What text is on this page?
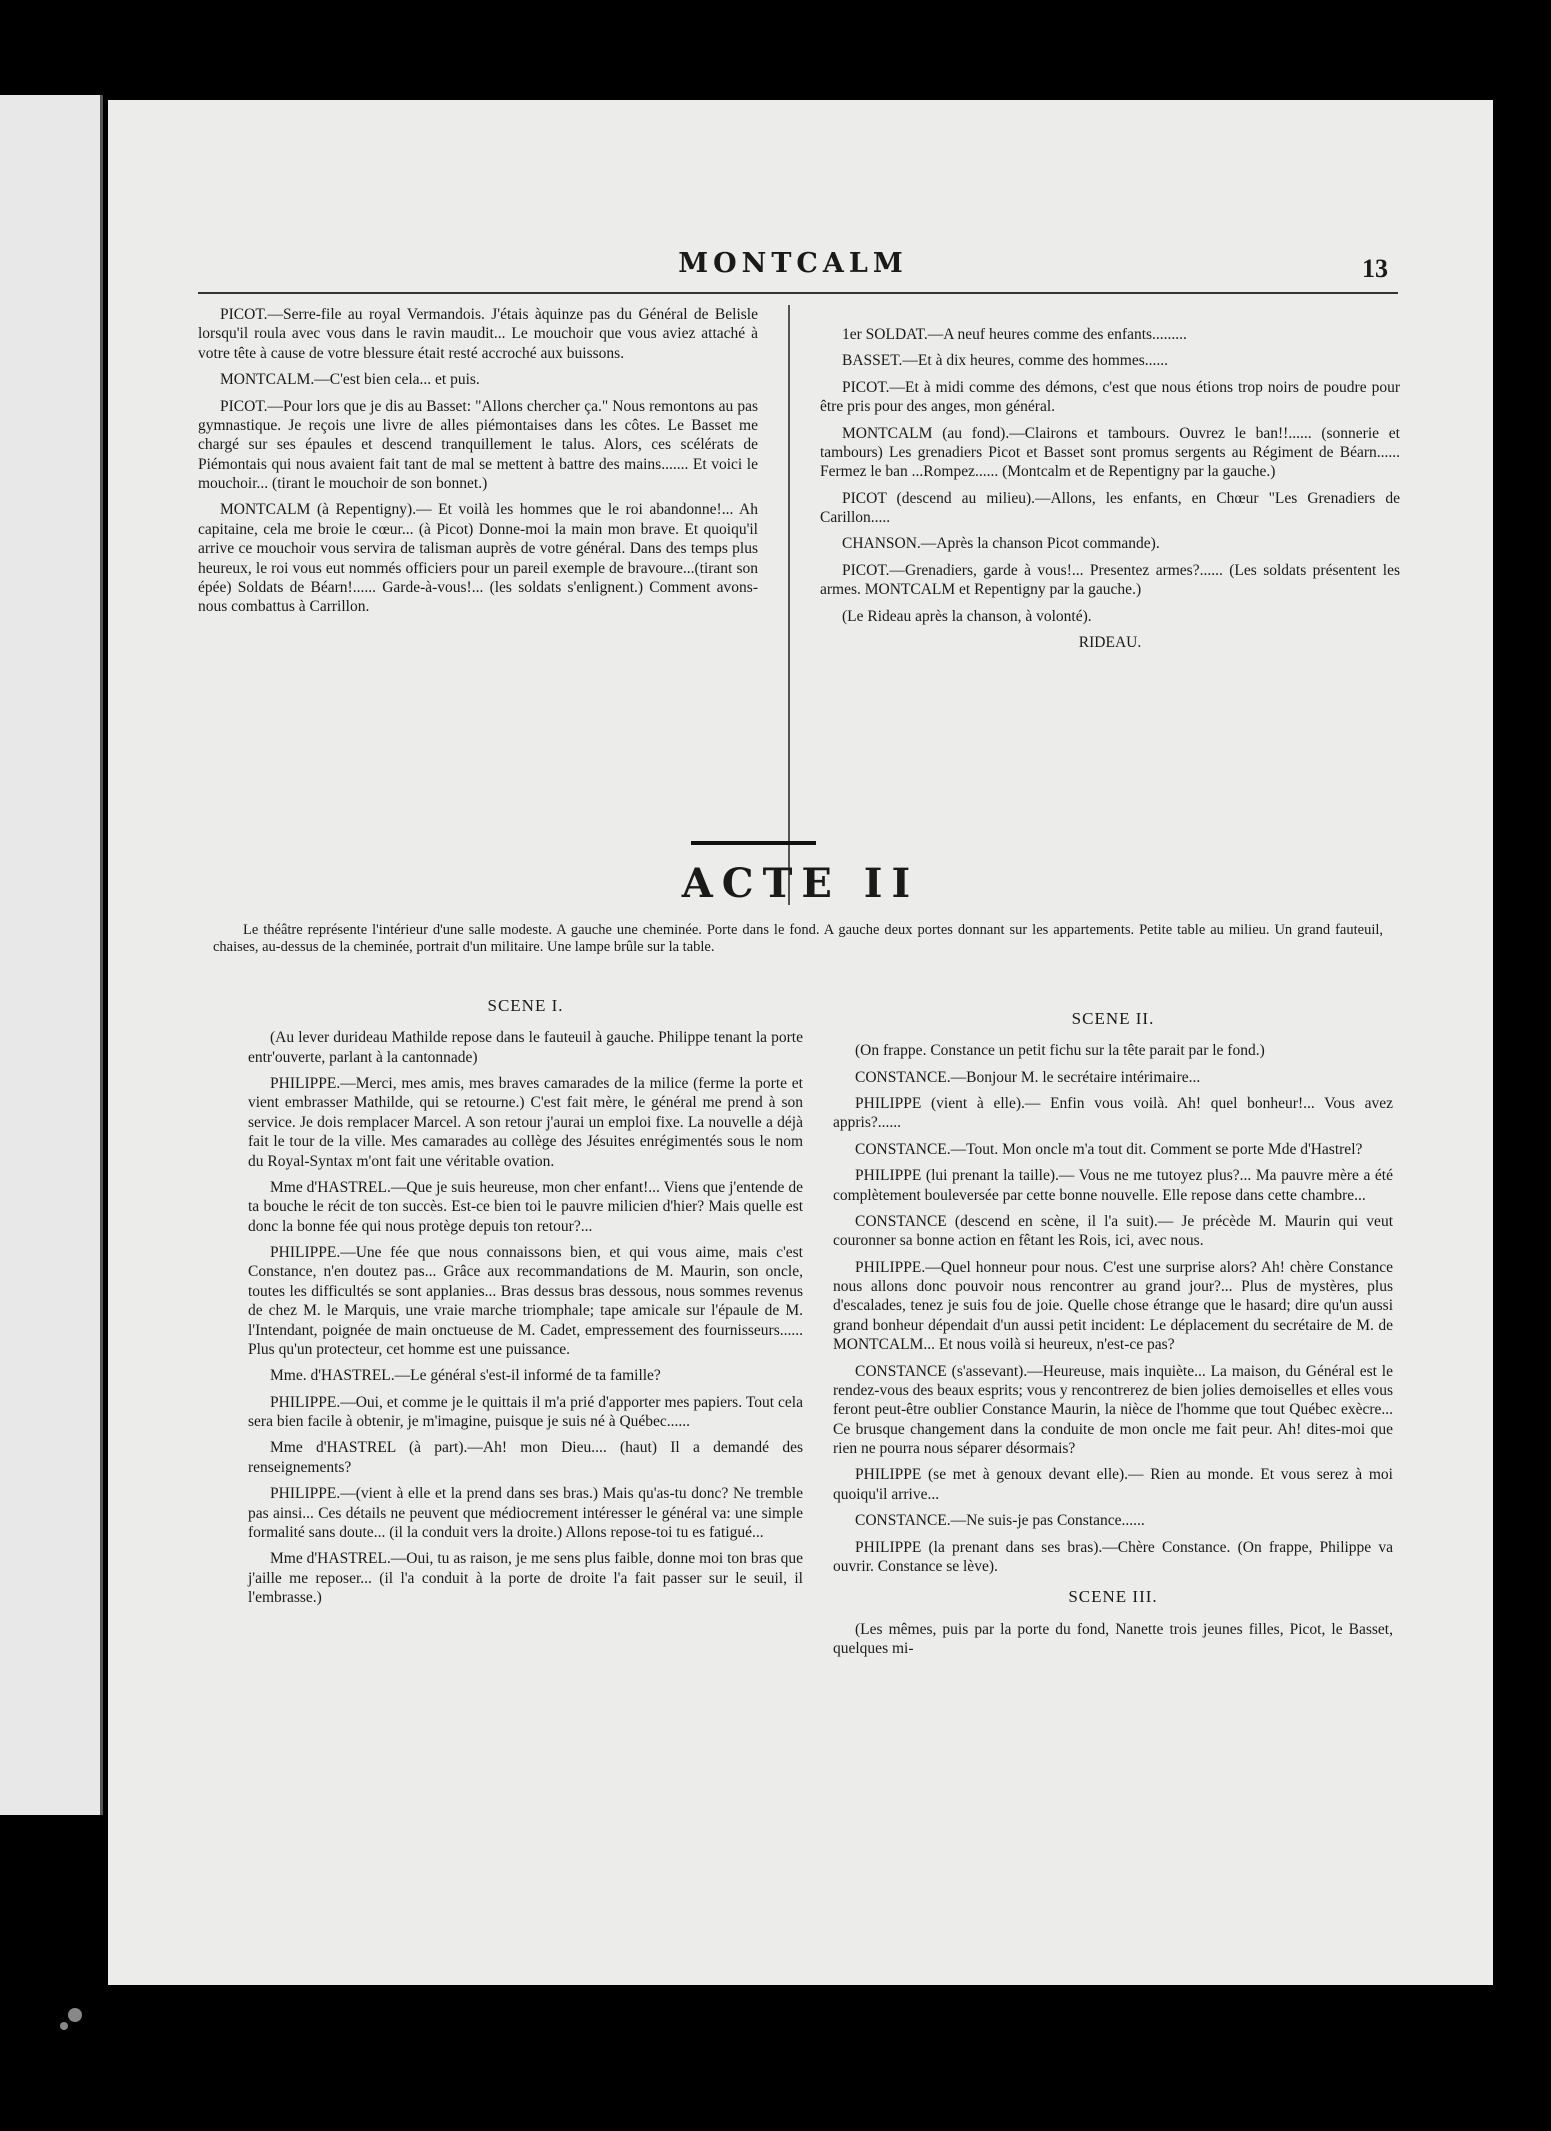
MONTCALM	13

PICOT.—Serre-file au royal Vermandois. J'étais àquinze pas du Général de Belisle lorsqu'il roula avec vous dans le ravin maudit... Le mouchoir que vous aviez attaché à votre tête à cause de votre blessure était resté accroché aux buissons.

MONTCALM.—C'est bien cela... et puis.

PICOT.—Pour lors que je dis au Basset: "Allons chercher ça." Nous remontons au pas gymnastique. Je reçois une livre de alles piémontaises dans les côtes. Le Basset me chargé sur ses épaules et descend tranquillement le talus. Alors, ces scélérats de Piémontais qui nous avaient fait tant de mal se mettent à battre des mains....... Et voici le mouchoir... (tirant le mouchoir de son bonnet.)

MONTCALM (à Repentigny).— Et voilà les hommes que le roi abandonne!... Ah capitaine, cela me broie le cœur... (à Picot) Donne-moi la main mon brave. Et quoiqu'il arrive ce mouchoir vous servira de talisman auprès de votre général. Dans des temps plus heureux, le roi vous eut nommés officiers pour un pareil exemple de bravoure...(tirant son épée) Soldats de Béarn!...... Garde-à-vous!... (les soldats s'enlignent.) Comment avons-nous combattus à Carrillon.

1er SOLDAT.—A neuf heures comme des enfants.........

BASSET.—Et à dix heures, comme des hommes......

PICOT.—Et à midi comme des démons, c'est que nous étions trop noirs de poudre pour être pris pour des anges, mon général.

MONTCALM (au fond).—Clairons et tambours. Ouvrez le ban!!...... (sonnerie et tambours) Les grenadiers Picot et Basset sont promus sergents au Régiment de Béarn...... Fermez le ban ...Rompez...... (Montcalm et de Repentigny par la gauche.)

PICOT (descend au milieu).—Allons, les enfants, en Chœur "Les Grenadiers de Carillon.....

CHANSON.—Après la chanson Picot commande).

PICOT.—Grenadiers, garde à vous!... Presentez armes?...... (Les soldats présentent les armes. MONTCALM et Repentigny par la gauche.)

(Le Rideau après la chanson, à volonté).

RIDEAU.

ACTE II
Le théâtre représente l'intérieur d'une salle modeste. A gauche une cheminée. Porte dans le fond. A gauche deux portes donnant sur les appartements. Petite table au milieu. Un grand fauteuil, chaises, au-dessus de la cheminée, portrait d'un militaire. Une lampe brûle sur la table.
SCENE I.

(Au lever durideau Mathilde repose dans le fauteuil à gauche. Philippe tenant la porte entr'ouverte, parlant à la cantonnade)

PHILIPPE.—Merci, mes amis, mes braves camarades de la milice (ferme la porte et vient embrasser Mathilde, qui se retourne.) C'est fait mère, le général me prend à son service. Je dois remplacer Marcel. A son retour j'aurai un emploi fixe. La nouvelle a déjà fait le tour de la ville. Mes camarades au collège des Jésuites enrégimentés sous le nom du Royal-Syntax m'ont fait une véritable ovation.

Mme d'HASTREL.—Que je suis heureuse, mon cher enfant!... Viens que j'entende de ta bouche le récit de ton succès. Est-ce bien toi le pauvre milicien d'hier? Mais quelle est donc la bonne fée qui nous protège depuis ton retour?...

PHILIPPE.—Une fée que nous connaissons bien, et qui vous aime, mais c'est Constance, n'en doutez pas... Grâce aux recommandations de M. Maurin, son oncle, toutes les difficultés se sont applanies... Bras dessus bras dessous, nous sommes revenus de chez M. le Marquis, une vraie marche triomphale; tape amicale sur l'épaule de M. l'Intendant, poignée de main onctueuse de M. Cadet, empressement des fournisseurs...... Plus qu'un protecteur, cet homme est une puissance.

Mme. d'HASTREL.—Le général s'est-il informé de ta famille?

PHILIPPE.—Oui, et comme je le quittais il m'a prié d'apporter mes papiers. Tout cela sera bien facile à obtenir, je m'imagine, puisque je suis né à Québec......

Mme d'HASTREL (à part).—Ah! mon Dieu.... (haut) Il a demandé des renseignements?

PHILIPPE.—(vient à elle et la prend dans ses bras.) Mais qu'as-tu donc? Ne tremble pas ainsi... Ces détails ne peuvent que médiocrement intéresser le général va: une simple formalité sans doute... (il la conduit vers la droite.) Allons repose-toi tu es fatigué...

Mme d'HASTREL.—Oui, tu as raison, je me sens plus faible, donne moi ton bras que j'aille me reposer... (il l'a conduit à la porte de droite l'a fait passer sur le seuil, il l'embrasse.)

SCENE II.

(On frappe. Constance un petit fichu sur la tête parait par le fond.)

CONSTANCE.—Bonjour M. le secrétaire intérimaire...

PHILIPPE (vient à elle).— Enfin vous voilà. Ah! quel bonheur!... Vous avez appris?......

CONSTANCE.—Tout. Mon oncle m'a tout dit. Comment se porte Mde d'Hastrel?

PHILIPPE (lui prenant la taille).— Vous ne me tutoyez plus?... Ma pauvre mère a été complètement bouleversée par cette bonne nouvelle. Elle repose dans cette chambre...

CONSTANCE (descend en scène, il l'a suit).— Je précède M. Maurin qui veut couronner sa bonne action en fêtant les Rois, ici, avec nous.

PHILIPPE.—Quel honneur pour nous. C'est une surprise alors? Ah! chère Constance nous allons donc pouvoir nous rencontrer au grand jour?... Plus de mystères, plus d'escalades, tenez je suis fou de joie. Quelle chose étrange que le hasard; dire qu'un aussi grand bonheur dépendait d'un aussi petit incident: Le déplacement du secrétaire de M. de MONTCALM... Et nous voilà si heureux, n'est-ce pas?

CONSTANCE (s'assevant).—Heureuse, mais inquiète... La maison, du Général est le rendez-vous des beaux esprits; vous y rencontrerez de bien jolies demoiselles et elles vous feront peut-être oublier Constance Maurin, la nièce de l'homme que tout Québec exècre... Ce brusque changement dans la conduite de mon oncle me fait peur. Ah! dites-moi que rien ne pourra nous séparer désormais?

PHILIPPE (se met à genoux devant elle).— Rien au monde. Et vous serez à moi quoiqu'il arrive...

CONSTANCE.—Ne suis-je pas Constance......

PHILIPPE (la prenant dans ses bras).—Chère Constance. (On frappe, Philippe va ouvrir. Constance se lève).

SCENE III.

(Les mêmes, puis par la porte du fond, Nanette trois jeunes filles, Picot, le Basset, quelques mi-
